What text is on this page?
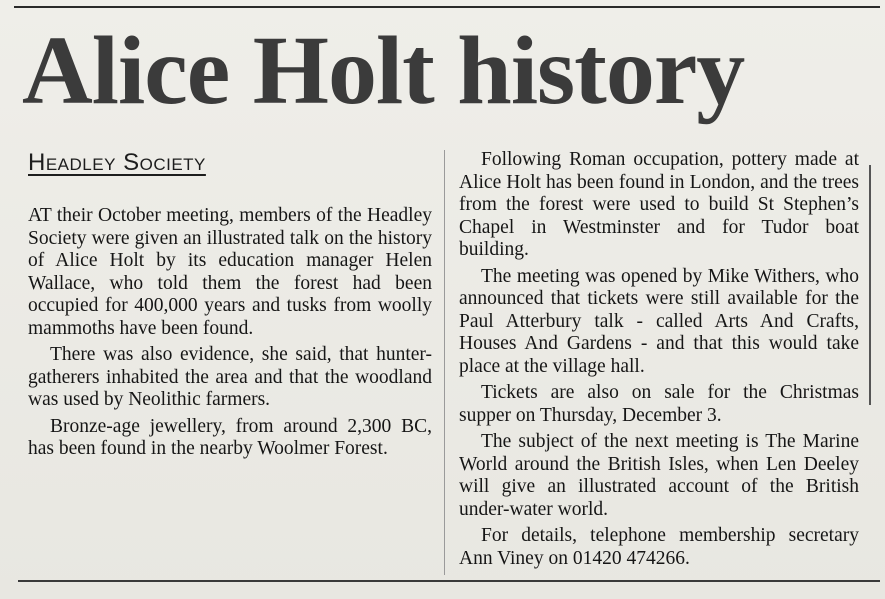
Alice Holt history
Headley Society

AT their October meeting, members of the Headley Society were given an illustrated talk on the history of Alice Holt by its education manager Helen Wallace, who told them the forest had been occupied for 400,000 years and tusks from woolly mammoths have been found.

There was also evidence, she said, that hunter-gatherers inhabited the area and that the woodland was used by Neolithic farmers.

Bronze-age jewellery, from around 2,300 BC, has been found in the nearby Woolmer Forest.

Following Roman occupation, pottery made at Alice Holt has been found in London, and the trees from the forest were used to build St Stephen’s Chapel in Westminster and for Tudor boat building.

The meeting was opened by Mike Withers, who announced that tickets were still available for the Paul Atterbury talk - called Arts And Crafts, Houses And Gardens - and that this would take place at the village hall.

Tickets are also on sale for the Christmas supper on Thursday, December 3.

The subject of the next meeting is The Marine World around the British Isles, when Len Deeley will give an illustrated account of the British under-water world.

For details, telephone membership secretary Ann Viney on 01420 474266.
